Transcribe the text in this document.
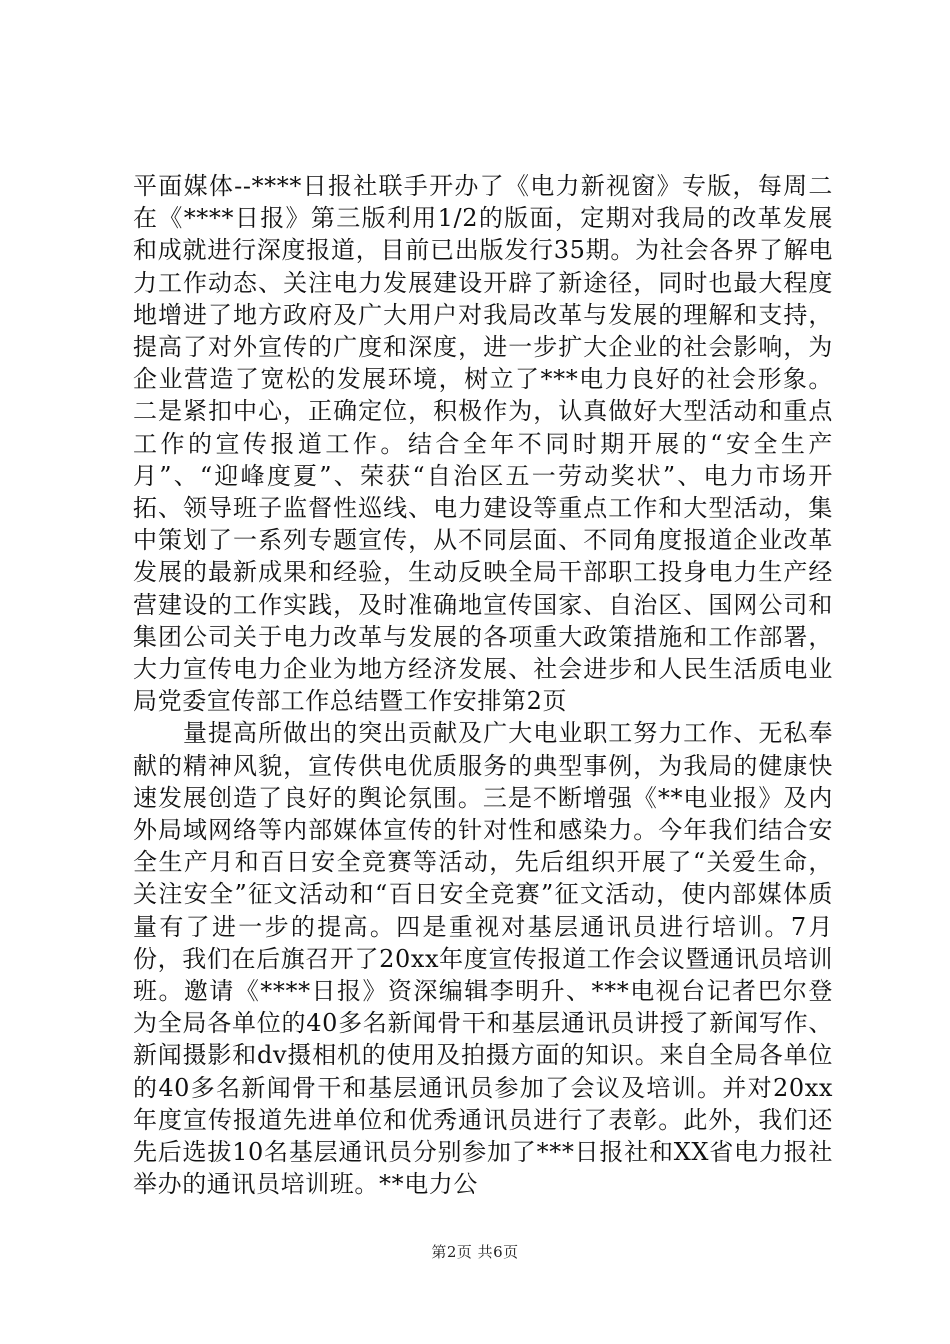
平面媒体--****日报社联手开办了《电力新视窗》专版，每周二在《****日报》第三版利用1/2的版面，定期对我局的改革发展和成就进行深度报道，目前已出版发行35期。为社会各界了解电力工作动态、关注电力发展建设开辟了新途径，同时也最大程度地增进了地方政府及广大用户对我局改革与发展的理解和支持，提高了对外宣传的广度和深度，进一步扩大企业的社会影响，为企业营造了宽松的发展环境，树立了***电力良好的社会形象。二是紧扣中心，正确定位，积极作为，认真做好大型活动和重点工作的宣传报道工作。结合全年不同时期开展的“安全生产月”、“迎峰度夏”、荣获“自治区五一劳动奖状”、电力市场开拓、领导班子监督性巡线、电力建设等重点工作和大型活动，集中策划了一系列专题宣传，从不同层面、不同角度报道企业改革发展的最新成果和经验，生动反映全局干部职工投身电力生产经营建设的工作实践，及时准确地宣传国家、自治区、国网公司和集团公司关于电力改革与发展的各项重大政策措施和工作部署，大力宣传电力企业为地方经济发展、社会进步和人民生活质电业局党委宣传部工作总结暨工作安排第2页

量提高所做出的突出贡献及广大电业职工努力工作、无私奉献的精神风貌，宣传供电优质服务的典型事例，为我局的健康快速发展创造了良好的舆论氛围。三是不断增强《**电业报》及内外局域网络等内部媒体宣传的针对性和感染力。今年我们结合安全生产月和百日安全竞赛等活动，先后组织开展了“关爱生命，关注安全”征文活动和“百日安全竞赛”征文活动，使内部媒体质量有了进一步的提高。四是重视对基层通讯员进行培训。7月份，我们在后旗召开了20xx年度宣传报道工作会议暨通讯员培训班。邀请《****日报》资深编辑李明升、***电视台记者巴尔登为全局各单位的40多名新闻骨干和基层通讯员讲授了新闻写作、新闻摄影和dv摄相机的使用及拍摄方面的知识。来自全局各单位的40多名新闻骨干和基层通讯员参加了会议及培训。并对20xx年度宣传报道先进单位和优秀通讯员进行了表彰。此外，我们还先后选拔10名基层通讯员分别参加了***日报社和XX省电力报社举办的通讯员培训班。**电力公

第2页 共6页
